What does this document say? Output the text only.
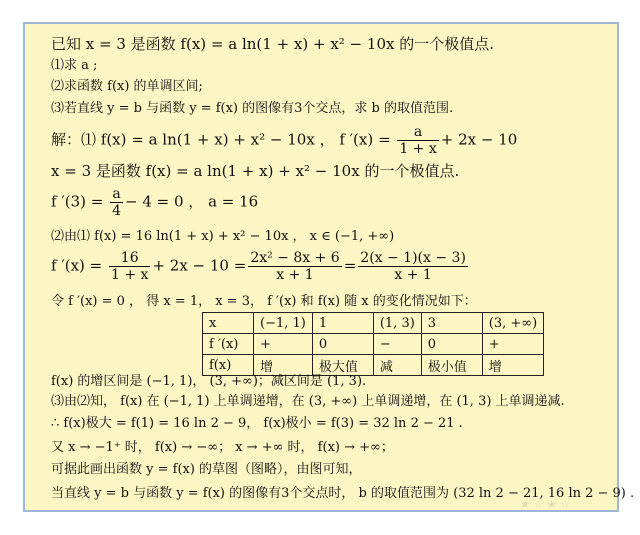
已知 x = 3 是函数 f(x) = a ln(1 + x) + x² − 10x 的一个极值点.
⑴求 a ;
⑵求函数 f(x) 的单调区间;
⑶若直线 y = b 与函数 y = f(x) 的图像有3个交点，求 b 的取值范围.
解：⑴ f(x) = a ln(1 + x) + x² − 10x ， f $'(x) = \frac{a}{1 + x} + 2x - 10$
x = 3 是函数 f(x) = a ln(1 + x) + x² − 10x 的一个极值点.
f $'(3) = \frac{a}{4} - 4 = 0$ ， a = 16
⑵由⑴ f(x) = 16 ln(1 + x) + x² − 10x ， x ∈ (−1, +∞)
f $'(x) = \frac{16}{1 + x} + 2x - 10 = \frac{\text{2x² − 8x + 6}}{x + 1} = \frac{2(x - 1)(x - 3)}{x + 1}$
令 f ′(x) = 0 ， 得 x = 1， x = 3， f ′(x) 和 f(x) 随 x 的变化情况如下：
x	(−1, 1)	1	(1, 3)	3	(3, +∞)
f ′(x)	+	0	−	0	+
f(x)	增	极大值	减	极小值	增
f(x) 的增区间是 (−1, 1)， (3, +∞)；减区间是 (1, 3).
⑶由⑵知， f(x) 在 (−1, 1) 上单调递增，在 (3, +∞) 上单调递增，在 (1, 3) 上单调递减.
∴ f(x)极大 = f(1) = 16 ln 2 − 9， f(x)极小 = f(3) = 32 ln 2 − 21 .
又 x → −1⁺ 时， f(x) → −∞； x → +∞ 时， f(x) → +∞；
可据此画出函数 y = f(x) 的草图（图略），由图可知，
当直线 y = b 与函数 y = f(x) 的图像有3个交点时， b 的取值范围为 (32 ln 2 − 21, 16 ln 2 − 9) .
★ ☆ ★ ☆
